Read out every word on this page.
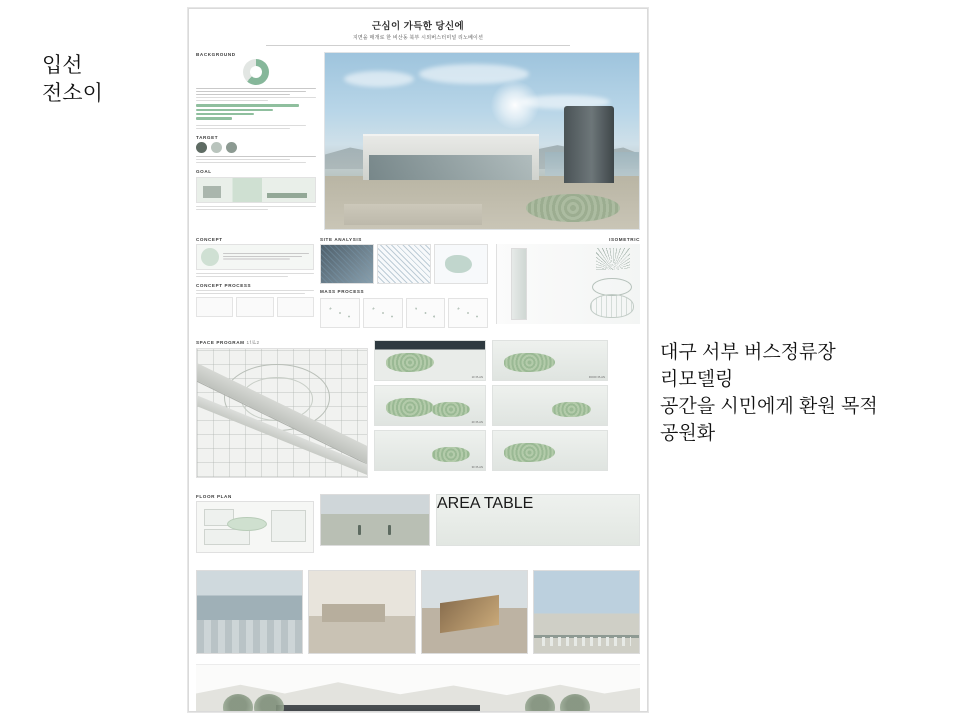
입선
전소이
대구 서부 버스정류장
리모델링
공간을 시민에게 환원 목적
공원화
근심이 가득한 당신에
지면을 매개로 한 비산동 북부 시외버스터미널 리노베이션
BACKGROUND
TARGET
GOAL
CONCEPT
CONCEPT PROCESS
SITE ANALYSIS
MASS PROCESS
ISOMETRIC
SPACE PROGRAM 1f로2
1F PLAN
2F PLAN
3F PLAN
ROOF PLAN
FLOOR PLAN	AREA TABLE
